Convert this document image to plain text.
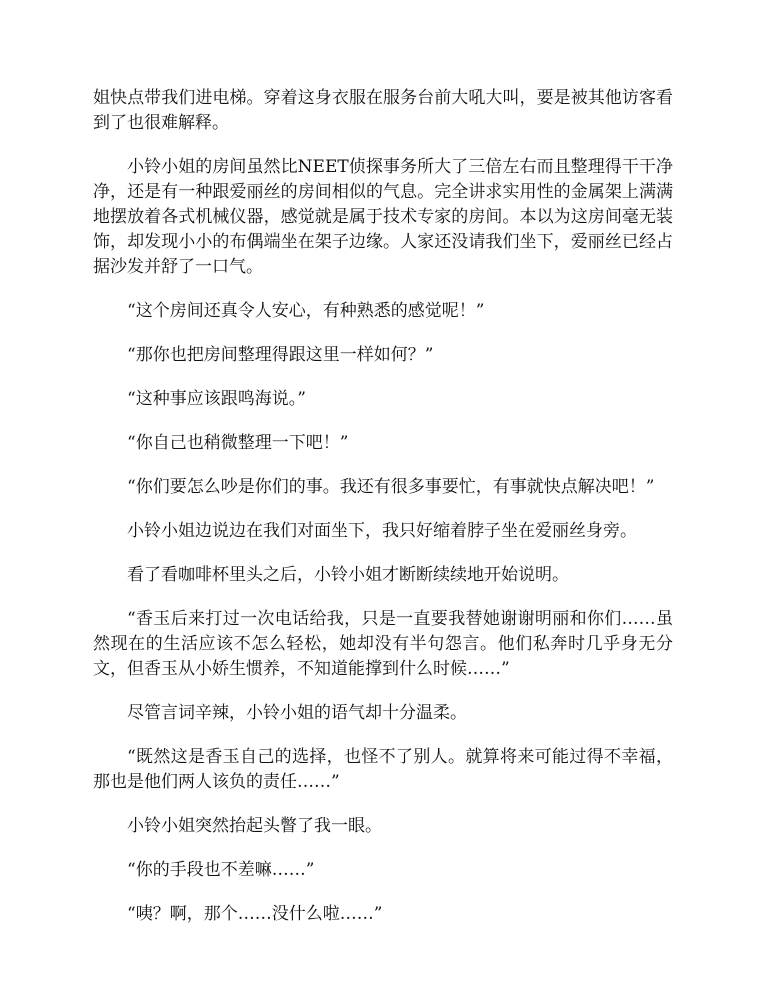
姐快点带我们进电梯。穿着这身衣服在服务台前大吼大叫，要是被其他访客看到了也很难解释。

小铃小姐的房间虽然比NEET侦探事务所大了三倍左右而且整理得干干净净，还是有一种跟爱丽丝的房间相似的气息。完全讲求实用性的金属架上满满地摆放着各式机械仪器，感觉就是属于技术专家的房间。本以为这房间毫无装饰，却发现小小的布偶端坐在架子边缘。人家还没请我们坐下，爱丽丝已经占据沙发并舒了一口气。

“这个房间还真令人安心，有种熟悉的感觉呢！”

“那你也把房间整理得跟这里一样如何？”

“这种事应该跟鸣海说。”

“你自己也稍微整理一下吧！”

“你们要怎么吵是你们的事。我还有很多事要忙，有事就快点解决吧！”

小铃小姐边说边在我们对面坐下，我只好缩着脖子坐在爱丽丝身旁。

看了看咖啡杯里头之后，小铃小姐才断断续续地开始说明。

“香玉后来打过一次电话给我，只是一直要我替她谢谢明丽和你们……虽然现在的生活应该不怎么轻松，她却没有半句怨言。他们私奔时几乎身无分文，但香玉从小娇生惯养，不知道能撑到什么时候……”

尽管言词辛辣，小铃小姐的语气却十分温柔。

“既然这是香玉自己的选择，也怪不了别人。就算将来可能过得不幸福，那也是他们两人该负的责任……”

小铃小姐突然抬起头瞥了我一眼。

“你的手段也不差嘛……”

“咦？啊，那个……没什么啦……”
